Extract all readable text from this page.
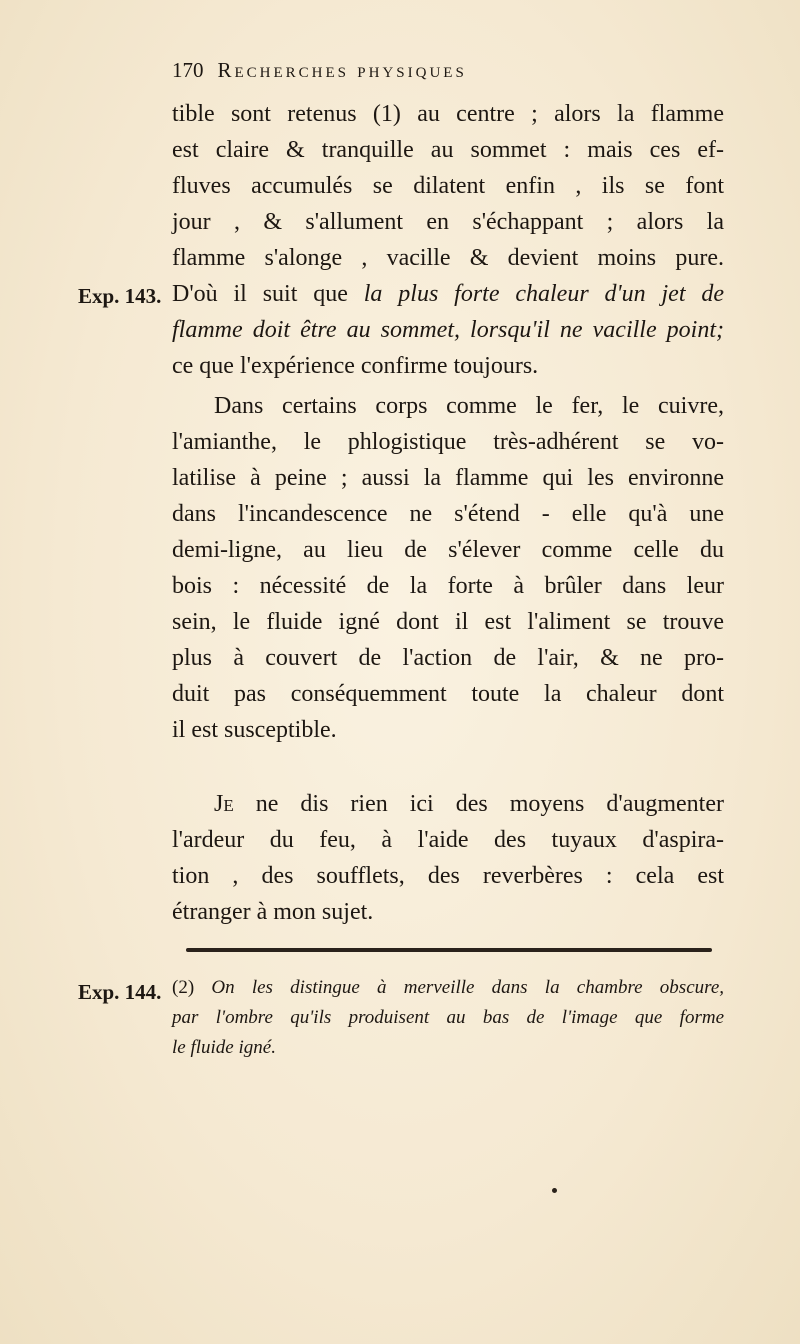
170 Recherches physiques
tible sont retenus (1) au centre ; alors la flamme
est claire & tranquille au sommet : mais ces ef-
fluves accumulés se dilatent enfin , ils se font
jour , & s'allument en s'échappant ; alors la
flamme s'alonge , vacille & devient moins pure.
Exp. 143. D'où il suit que la plus forte chaleur d'un jet de
flamme doit être au sommet, lorsqu'il ne vacille point;
ce que l'expérience confirme toujours.
Dans certains corps comme le fer, le cuivre,
l'amianthe, le phlogistique très-adhérent se vo-
latilise à peine ; aussi la flamme qui les environne
dans l'incandescence ne s'étend - elle qu'à une
demi-ligne, au lieu de s'élever comme celle du
bois : nécessité de la forte à brûler dans leur
sein, le fluide igné dont il est l'aliment se trouve
plus à couvert de l'action de l'air, & ne pro-
duit pas conséquemment toute la chaleur dont
il est susceptible.
Je ne dis rien ici des moyens d'augmenter
l'ardeur du feu, à l'aide des tuyaux d'aspira-
tion , des soufflets, des reverbères : cela est
étranger à mon sujet.
Exp. 144. (2) On les distingue à merveille dans la chambre obscure,
par l'ombre qu'ils produisent au bas de l'image que forme
le fluide igné.
